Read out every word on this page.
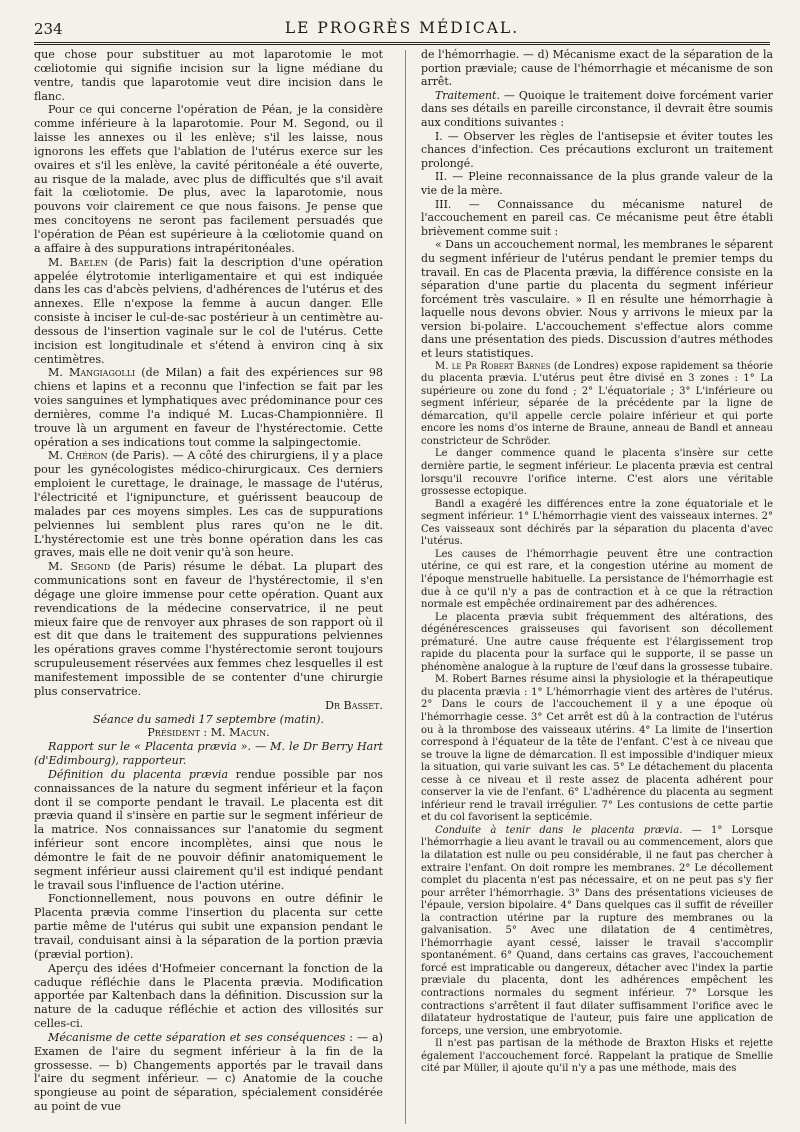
234	LE PROGRÈS MÉDICAL.

que chose pour substituer au mot laparotomie le mot cœliotomie qui signifie incision sur la ligne médiane du ventre, tandis que laparotomie veut dire incision dans le flanc.

Pour ce qui concerne l'opération de Péan, je la considère comme inférieure à la laparotomie. Pour M. Segond, ou il laisse les annexes ou il les enlève; s'il les laisse, nous ignorons les effets que l'ablation de l'utérus exerce sur les ovaires et s'il les enlève, la cavité péritonéale a été ouverte, au risque de la malade, avec plus de difficultés que s'il avait fait la cœliotomie. De plus, avec la laparotomie, nous pouvons voir clairement ce que nous faisons. Je pense que mes concitoyens ne seront pas facilement persuadés que l'opération de Péan est supérieure à la cœliotomie quand on a affaire à des suppurations intrapéritonéales.

M. Baelen (de Paris) fait la description d'une opération appelée élytrotomie interligamentaire et qui est indiquée dans les cas d'abcès pelviens, d'adhérences de l'utérus et des annexes. Elle n'expose la femme à aucun danger. Elle consiste à inciser le cul-de-sac postérieur à un centimètre au-dessous de l'insertion vaginale sur le col de l'utérus. Cette incision est longitudinale et s'étend à environ cinq à six centimètres.

M. Mangiagolli (de Milan) a fait des expériences sur 98 chiens et lapins et a reconnu que l'infection se fait par les voies sanguines et lymphatiques avec prédominance pour ces dernières, comme l'a indiqué M. Lucas-Championnière. Il trouve là un argument en faveur de l'hystérectomie. Cette opération a ses indications tout comme la salpingectomie.

M. Chéron (de Paris). — A côté des chirurgiens, il y a place pour les gynécologistes médico-chirurgicaux. Ces derniers emploient le curettage, le drainage, le massage de l'utérus, l'électricité et l'ignipuncture, et guérissent beaucoup de malades par ces moyens simples. Les cas de suppurations pelviennes lui semblent plus rares qu'on ne le dit. L'hystérectomie est une très bonne opération dans les cas graves, mais elle ne doit venir qu'à son heure.

M. Segond (de Paris) résume le débat. La plupart des communications sont en faveur de l'hystérectomie, il s'en dégage une gloire immense pour cette opération. Quant aux revendications de la médecine conservatrice, il ne peut mieux faire que de renvoyer aux phrases de son rapport où il est dit que dans le traitement des suppurations pelviennes les opérations graves comme l'hystérectomie seront toujours scrupuleusement réservées aux femmes chez lesquelles il est manifestement impossible de se contenter d'une chirurgie plus conservatrice.

Dr Basset.

Séance du samedi 17 septembre (matin).

Président : M. Macun.

Rapport sur le « Placenta prævia ». — M. le Dr Berry Hart (d'Edimbourg), rapporteur.

Définition du placenta prævia rendue possible par nos connaissances de la nature du segment inférieur et la façon dont il se comporte pendant le travail. Le placenta est dit prævia quand il s'insère en partie sur le segment inférieur de la matrice. Nos connaissances sur l'anatomie du segment inférieur sont encore incomplètes, ainsi que nous le démontre le fait de ne pouvoir définir anatomiquement le segment inférieur aussi clairement qu'il est indiqué pendant le travail sous l'influence de l'action utérine.

Fonctionnellement, nous pouvons en outre définir le Placenta prævia comme l'insertion du placenta sur cette partie même de l'utérus qui subit une expansion pendant le travail, conduisant ainsi à la séparation de la portion prævia (prævial portion).

Aperçu des idées d'Hofmeier concernant la fonction de la caduque réfléchie dans le Placenta prævia. Modification apportée par Kaltenbach dans la définition. Discussion sur la nature de la caduque réfléchie et action des villosités sur celles-ci.

Mécanisme de cette séparation et ses conséquences : — a) Examen de l'aire du segment inférieur à la fin de la grossesse. — b) Changements apportés par le travail dans l'aire du segment inférieur. — c) Anatomie de la couche spongieuse au point de séparation, spécialement considérée au point de vue

de l'hémorrhagie. — d) Mécanisme exact de la séparation de la portion præviale; cause de l'hémorrhagie et mécanisme de son arrêt.

Traitement. — Quoique le traitement doive forcément varier dans ses détails en pareille circonstance, il devrait être soumis aux conditions suivantes :

I. — Observer les règles de l'antisepsie et éviter toutes les chances d'infection. Ces précautions excluront un traitement prolongé.

II. — Pleine reconnaissance de la plus grande valeur de la vie de la mère.

III. — Connaissance du mécanisme naturel de l'accouchement en pareil cas. Ce mécanisme peut être établi brièvement comme suit :

« Dans un accouchement normal, les membranes le séparent du segment inférieur de l'utérus pendant le premier temps du travail. En cas de Placenta prævia, la différence consiste en la séparation d'une partie du placenta du segment inférieur forcément très vasculaire. » Il en résulte une hémorrhagie à laquelle nous devons obvier. Nous y arrivons le mieux par la version bi-polaire. L'accouchement s'effectue alors comme dans une présentation des pieds. Discussion d'autres méthodes et leurs statistiques.

M. le Pr Robert Barnes (de Londres) expose rapidement sa théorie du placenta prævia. L'utérus peut être divisé en 3 zones : 1° La supérieure ou zone du fond ; 2° L'équatoriale ; 3° L'inférieure ou segment inférieur, séparée de la précédente par la ligne de démarcation, qu'il appelle cercle polaire inférieur et qui porte encore les noms d'os interne de Braune, anneau de Bandl et anneau constricteur de Schröder.

Le danger commence quand le placenta s'insère sur cette dernière partie, le segment inférieur. Le placenta prævia est central lorsqu'il recouvre l'orifice interne. C'est alors une véritable grossesse ectopique.

Bandl a exagéré les différences entre la zone équatoriale et le segment inférieur. 1° L'hémorrhagie vient des vaisseaux internes. 2° Ces vaisseaux sont déchirés par la séparation du placenta d'avec l'utérus.

Les causes de l'hémorrhagie peuvent être une contraction utérine, ce qui est rare, et la congestion utérine au moment de l'époque menstruelle habituelle. La persistance de l'hémorrhagie est due à ce qu'il n'y a pas de contraction et à ce que la rétraction normale est empêchée ordinairement par des adhérences.

Le placenta prævia subit fréquemment des altérations, des dégénérescences graisseuses qui favorisent son décollement prématuré. Une autre cause fréquente est l'élargissement trop rapide du placenta pour la surface qui le supporte, il se passe un phénomène analogue à la rupture de l'œuf dans la grossesse tubaire.

M. Robert Barnes résume ainsi la physiologie et la thérapeutique du placenta prævia : 1° L'hémorrhagie vient des artères de l'utérus. 2° Dans le cours de l'accouchement il y a une époque où l'hémorrhagie cesse. 3° Cet arrêt est dû à la contraction de l'utérus ou à la thrombose des vaisseaux utérins. 4° La limite de l'insertion correspond à l'équateur de la tête de l'enfant. C'est à ce niveau que se trouve la ligne de démarcation. Il est impossible d'indiquer mieux la situation, qui varie suivant les cas. 5° Le détachement du placenta cesse à ce niveau et il reste assez de placenta adhérent pour conserver la vie de l'enfant. 6° L'adhérence du placenta au segment inférieur rend le travail irrégulier. 7° Les contusions de cette partie et du col favorisent la septicémie.

Conduite à tenir dans le placenta prævia. — 1° Lorsque l'hémorrhagie a lieu avant le travail ou au commencement, alors que la dilatation est nulle ou peu considérable, il ne faut pas chercher à extraire l'enfant. On doit rompre les membranes. 2° Le décollement complet du placenta n'est pas nécessaire, et on ne peut pas s'y fier pour arrêter l'hémorrhagie. 3° Dans des présentations vicieuses de l'épaule, version bipolaire. 4° Dans quelques cas il suffit de réveiller la contraction utérine par la rupture des membranes ou la galvanisation. 5° Avec une dilatation de 4 centimètres, l'hémorrhagie ayant cessé, laisser le travail s'accomplir spontanément. 6° Quand, dans certains cas graves, l'accouchement forcé est impraticable ou dangereux, détacher avec l'index la partie præviale du placenta, dont les adhérences empêchent les contractions normales du segment inférieur. 7° Lorsque les contractions s'arrêtent il faut dilater suffisamment l'orifice avec le dilatateur hydrostatique de l'auteur, puis faire une application de forceps, une version, une embryotomie.

Il n'est pas partisan de la méthode de Braxton Hisks et rejette également l'accouchement forcé. Rappelant la pratique de Smellie cité par Müller, il ajoute qu'il n'y a pas une méthode, mais des
